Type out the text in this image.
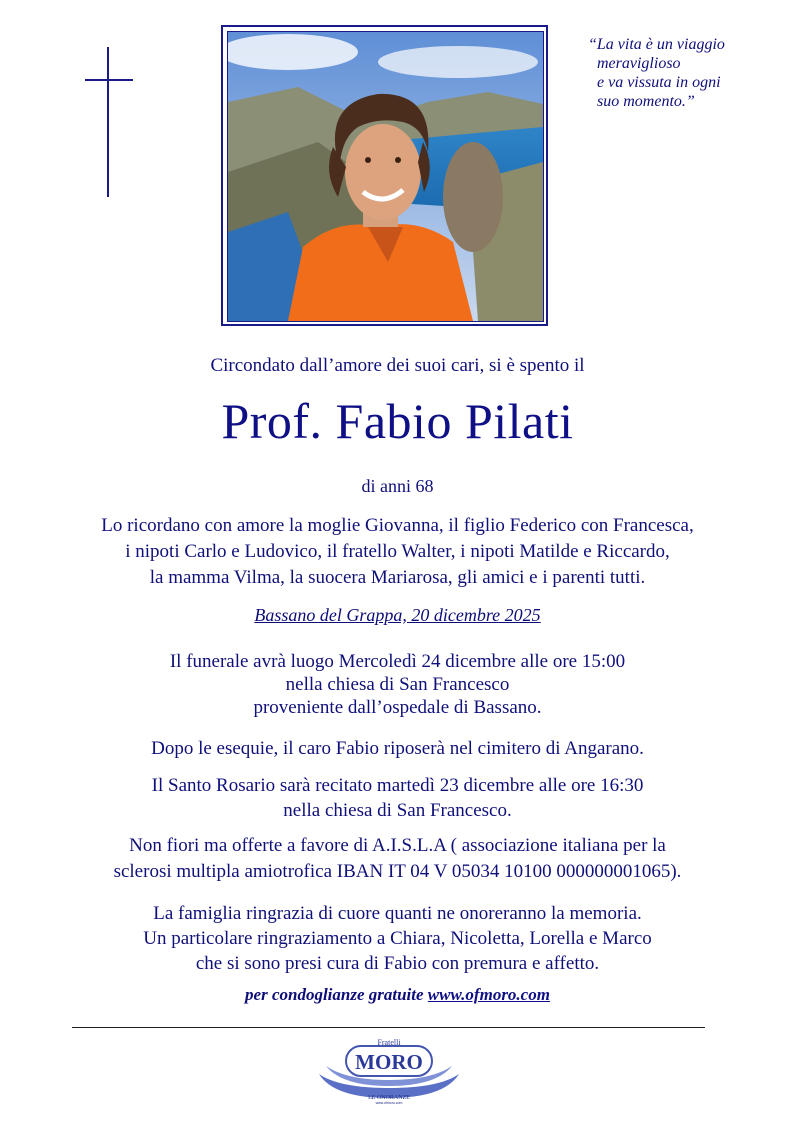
“La vita è un viaggio
meraviglioso
e va vissuta in ogni
suo momento.”
Circondato dall’amore dei suoi cari, si è spento il
Prof. Fabio Pilati
di anni 68
Lo ricordano con amore la moglie Giovanna, il figlio Federico con Francesca,
i nipoti Carlo e Ludovico, il fratello Walter, i nipoti Matilde e Riccardo,
la mamma Vilma, la suocera Mariarosa, gli amici e i parenti tutti.
Bassano del Grappa, 20 dicembre 2025
Il funerale avrà luogo Mercoledì 24 dicembre alle ore 15:00
nella chiesa di San Francesco
proveniente dall’ospedale di Bassano.
Dopo le esequie, il caro Fabio riposerà nel cimitero di Angarano.
Il Santo Rosario sarà recitato martedì 23 dicembre alle ore 16:30
nella chiesa di San Francesco.
Non fiori ma offerte a favore di A.I.S.L.A ( associazione italiana per la
sclerosi multipla amiotrofica IBAN IT 04 V 05034 10100 000000001065).
La famiglia ringrazia di cuore quanti ne onoreranno la memoria.
Un particolare ringraziamento a Chiara, Nicoletta, Lorella e Marco
che si sono presi cura di Fabio con premura e affetto.
per condoglianze gratuite www.ofmoro.com
Fratelli
MORO
LE ONORANZE
www.ofmoro.com
